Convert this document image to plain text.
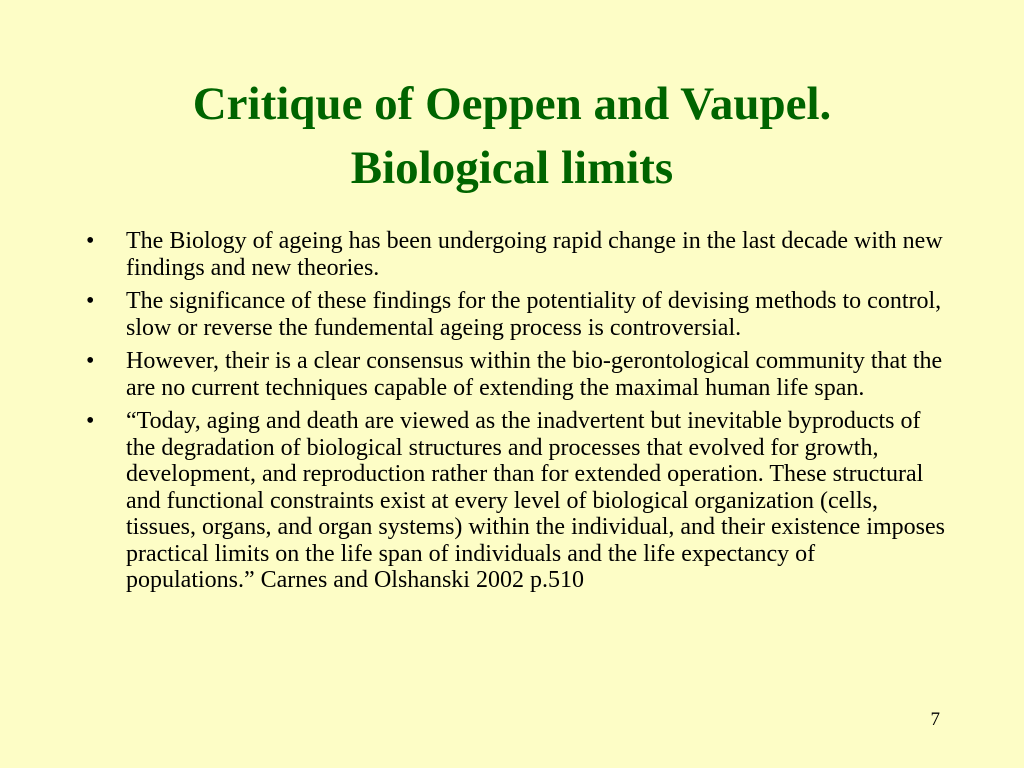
Critique of Oeppen and Vaupel.
Biological limits
• The Biology of ageing has been undergoing rapid change in the last decade with new findings and new theories.
• The significance of these findings for the potentiality of devising methods to control, slow or reverse the fundemental ageing process is controversial.
• However, their is a clear consensus within the bio-gerontological community that the are no current techniques capable of extending the maximal human life span.
• “Today, aging and death are viewed as the inadvertent but inevitable byproducts of the degradation of biological structures and processes that evolved for growth, development, and reproduction rather than for extended operation. These structural and functional constraints exist at every level of biological organization (cells, tissues, organs, and organ systems) within the individual, and their existence imposes practical limits on the life span of individuals and the life expectancy of populations.” Carnes and Olshanski 2002 p.510
7
